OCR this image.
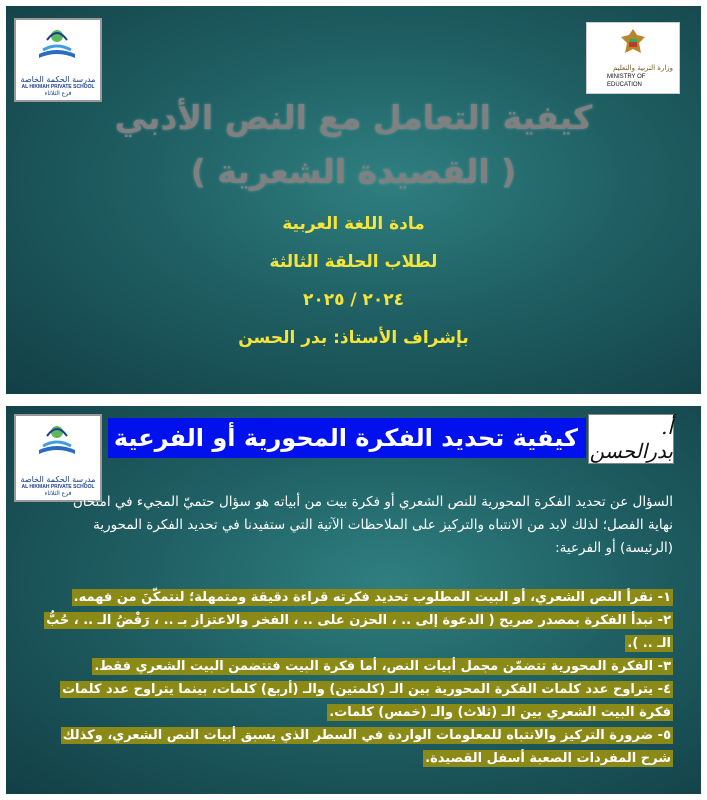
مدرسة الحكمة الخاصة
AL HIKMAH PRIVATE SCHOOL
فرع الثلاثاء
وزارة التربية والتعليم
MINISTRY OF EDUCATION
كيفية التعامل مع النص الأدبي
( القصيدة الشعرية )
مادة اللغة العربية
لطلاب الحلقة الثالثة
٢٠٢٤ / ٢٠٢٥
بإشراف الأستاذ: بدر الحسن
مدرسة الحكمة الخاصة
AL HIKMAH PRIVATE SCHOOL
فرع الثلاثاء
كيفية تحديد الفكرة المحورية أو الفرعية	أ. بدرالحسن
السؤال عن تحديد الفكرة المحورية للنص الشعري أو فكرة بيت من أبياته هو سؤال حتميّ المجيء في امتحان نهاية الفصل؛ لذلك لابد من الانتباه والتركيز على الملاحظات الآتية التي ستفيدنا في تحديد الفكرة المحورية (الرئيسة) أو الفرعية:

١- نقرأ النص الشعري، أو البيت المطلوب تحديد فكرته قراءة دقيقة ومتمهلة؛ لنتمكّنَ من فهمه.

٢- نبدأ الفكرة بمصدر صريح ( الدعوة إلى .. ، الحزن على .. ، الفخر والاعتزاز بـ .. ، رَفْضُ الـ .. ، حُبُّ الـ .. ).

٣- الفكرة المحورية تتضمّن مجمل أبيات النص، أما فكرة البيت فتتضمن البيت الشعري فقط.

٤- يتراوح عدد كلمات الفكرة المحورية بين الـ (كلمتين) والـ (أربع) كلمات، بينما يتراوح عدد كلمات فكرة البيت الشعري بين الـ (ثلاث) والـ (خمس) كلمات.

٥- ضرورة التركيز والانتباه للمعلومات الواردة في السطر الذي يسبق أبيات النص الشعري، وكذلك شرح المفردات الصعبة أسفل القصيدة.
